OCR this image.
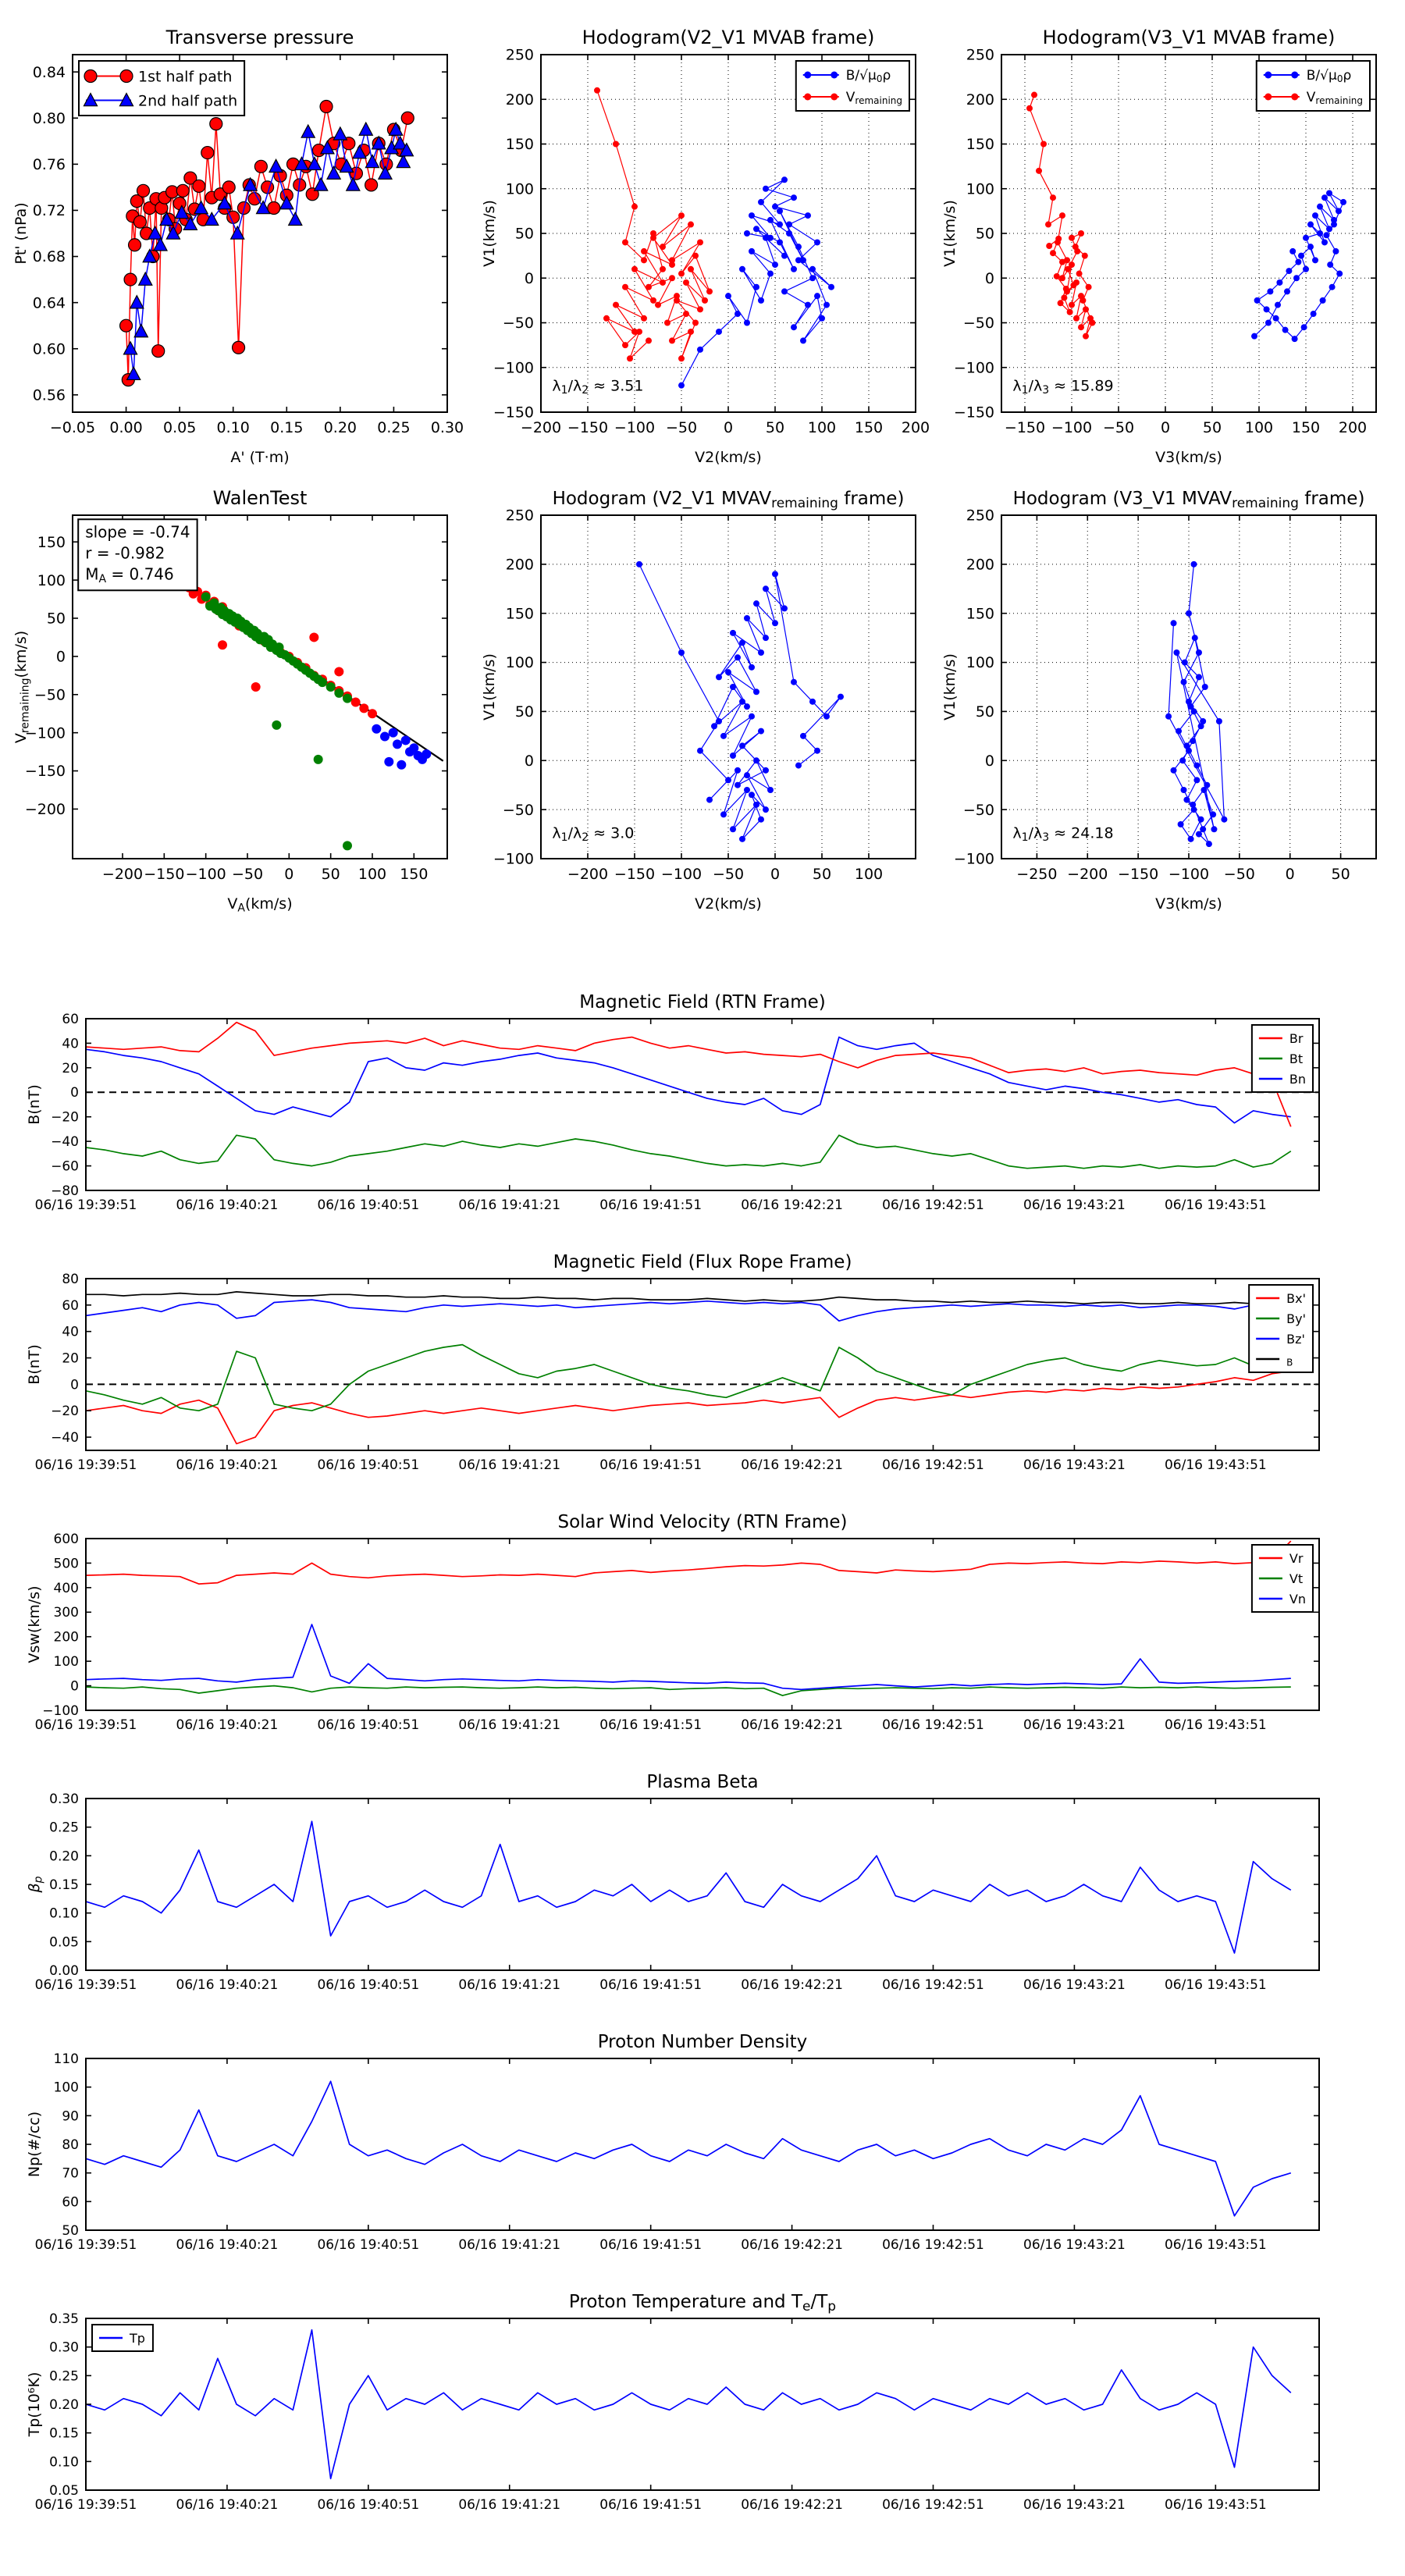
−0.05 0.00 0.05 0.10 0.15 0.20 0.25 0.30
0.56
0.60
0.64
0.68
0.72
0.76
0.80
0.84
Transverse pressure
A' (T·m)
Pt' (nPa)
1st half path
2nd half path
−200 −150 −100 −50 0 50 100 150 200
−150
−100
−50
0
50
100
150
200
250
Hodogram(V2_V1 MVAB frame)
V2(km/s)
V1(km/s)
B/√μ0ρ
Vremaining
λ1/λ2 ≈ 3.51
−150 −100 −50 0 50 100 150 200
−150
−100
−50
0
50
100
150
200
250
Hodogram(V3_V1 MVAB frame)
V3(km/s)
V1(km/s)
B/√μ0ρ
Vremaining
λ1/λ3 ≈ 15.89
−200 −150 −100 −50 0 50 100 150
−200
−150
−100
−50
0
50
100
150
WalenTest
VA(km/s)
Vremaining(km/s)
slope = -0.74
r = -0.982
MA = 0.746
−200 −150 −100 −50 0 50 100
−100
−50
0
50
100
150
200
250
Hodogram (V2_V1 MVAVremaining frame)
V2(km/s)
V1(km/s)
λ1/λ2 ≈ 3.0
−250 −200 −150 −100 −50 0 50
−100
−50
0
50
100
150
200
250
Hodogram (V3_V1 MVAVremaining frame)
V3(km/s)
V1(km/s)
λ1/λ3 ≈ 24.18
06/16 19:39:51	06/16 19:40:21	06/16 19:40:51	06/16 19:41:21	06/16 19:41:51	06/16 19:42:21	06/16 19:42:51	06/16 19:43:21	06/16 19:43:51
60
40
20
0
−20
−40
−60
−80
Magnetic Field (RTN Frame)
B(nT)
Br
Bt
Bn
06/16 19:39:51	06/16 19:40:21	06/16 19:40:51	06/16 19:41:21	06/16 19:41:51	06/16 19:42:21	06/16 19:42:51	06/16 19:43:21	06/16 19:43:51
80
60
40
20
0
−20
−40
Magnetic Field (Flux Rope Frame)
B(nT)
Bx'
By'
Bz'
B
06/16 19:39:51	06/16 19:40:21	06/16 19:40:51	06/16 19:41:21	06/16 19:41:51	06/16 19:42:21	06/16 19:42:51	06/16 19:43:21	06/16 19:43:51
600
500
400
300
200
100
0
−100
Solar Wind Velocity (RTN Frame)
Vsw(km/s)
Vr
Vt
Vn
06/16 19:39:51	06/16 19:40:21	06/16 19:40:51	06/16 19:41:21	06/16 19:41:51	06/16 19:42:21	06/16 19:42:51	06/16 19:43:21	06/16 19:43:51
0.30
0.25
0.20
0.15
0.10
0.05
0.00
Plasma Beta
βp
06/16 19:39:51	06/16 19:40:21	06/16 19:40:51	06/16 19:41:21	06/16 19:41:51	06/16 19:42:21	06/16 19:42:51	06/16 19:43:21	06/16 19:43:51
110
100
90
80
70
60
50
Proton Number Density
Np(#/cc)
06/16 19:39:51	06/16 19:40:21	06/16 19:40:51	06/16 19:41:21	06/16 19:41:51	06/16 19:42:21	06/16 19:42:51	06/16 19:43:21	06/16 19:43:51
0.35
0.30
0.25
0.20
0.15
0.10
0.05
Proton Temperature and Te/Tp
Tp(10⁶K)
Tp
